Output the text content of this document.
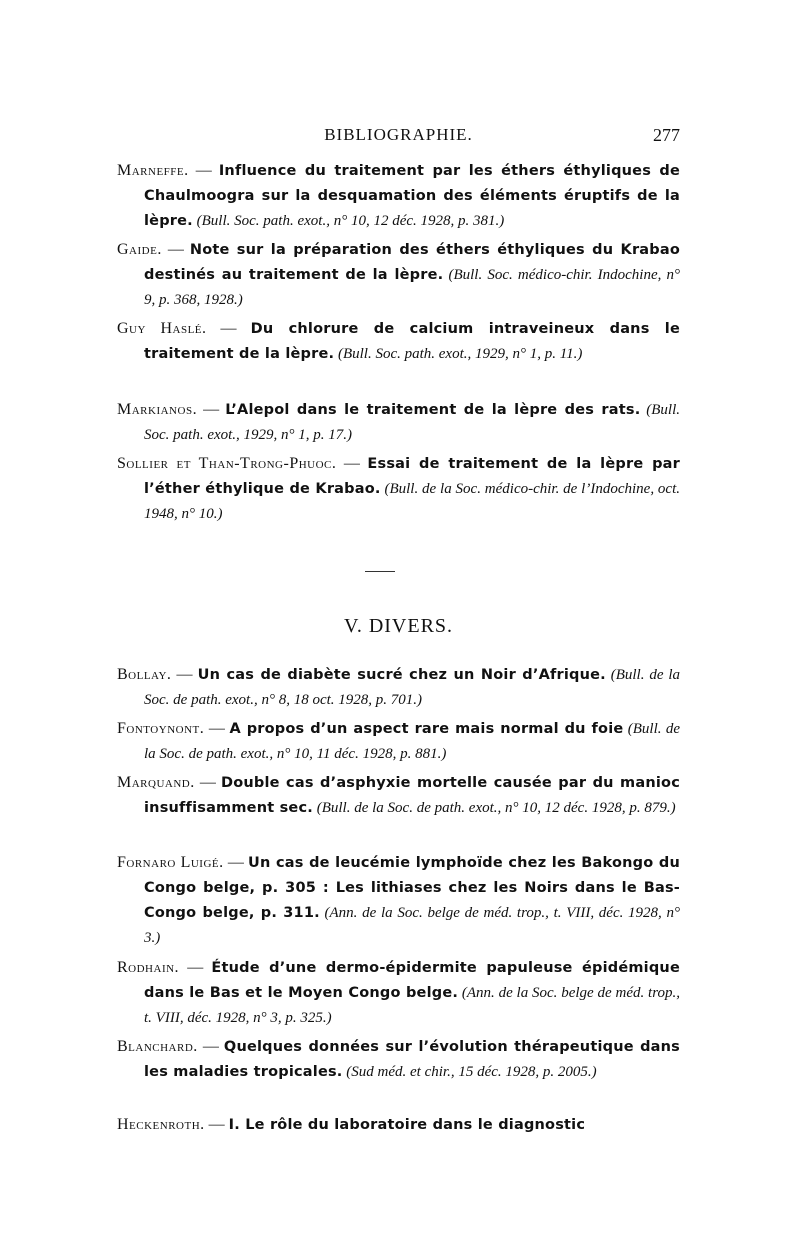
BIBLIOGRAPHIE.	277

Marneffe. — Influence du traitement par les éthers éthyliques de Chaulmoogra sur la desquamation des éléments éruptifs de la lèpre. (Bull. Soc. path. exot., n° 10, 12 déc. 1928, p. 381.)

Gaide. — Note sur la préparation des éthers éthyliques du Krabao destinés au traitement de la lèpre. (Bull. Soc. médico-chir. Indochine, n° 9, p. 368, 1928.)

Guy Haslé. — Du chlorure de calcium intraveineux dans le traitement de la lèpre. (Bull. Soc. path. exot., 1929, n° 1, p. 11.)

Markianos. — L’Alepol dans le traitement de la lèpre des rats. (Bull. Soc. path. exot., 1929, n° 1, p. 17.)

Sollier et Than-Trong-Phuoc. — Essai de traitement de la lèpre par l’éther éthylique de Krabao. (Bull. de la Soc. médico-chir. de l’Indochine, oct. 1948, n° 10.)

V. DIVERS.

Bollay. — Un cas de diabète sucré chez un Noir d’Afrique. (Bull. de la Soc. de path. exot., n° 8, 18 oct. 1928, p. 701.)

Fontoynont. — A propos d’un aspect rare mais normal du foie (Bull. de la Soc. de path. exot., n° 10, 11 déc. 1928, p. 881.)

Marquand. — Double cas d’asphyxie mortelle causée par du manioc insuffisamment sec. (Bull. de la Soc. de path. exot., n° 10, 12 déc. 1928, p. 879.)

Fornaro Luigé. — Un cas de leucémie lymphoïde chez les Bakongo du Congo belge, p. 305 : Les lithiases chez les Noirs dans le Bas-Congo belge, p. 311. (Ann. de la Soc. belge de méd. trop., t. VIII, déc. 1928, n° 3.)

Rodhain. — Étude d’une dermo-épidermite papuleuse épidémique dans le Bas et le Moyen Congo belge. (Ann. de la Soc. belge de méd. trop., t. VIII, déc. 1928, n° 3, p. 325.)

Blanchard. — Quelques données sur l’évolution thérapeutique dans les maladies tropicales. (Sud méd. et chir., 15 déc. 1928, p. 2005.)

Heckenroth. — I. Le rôle du laboratoire dans le diagnostic
